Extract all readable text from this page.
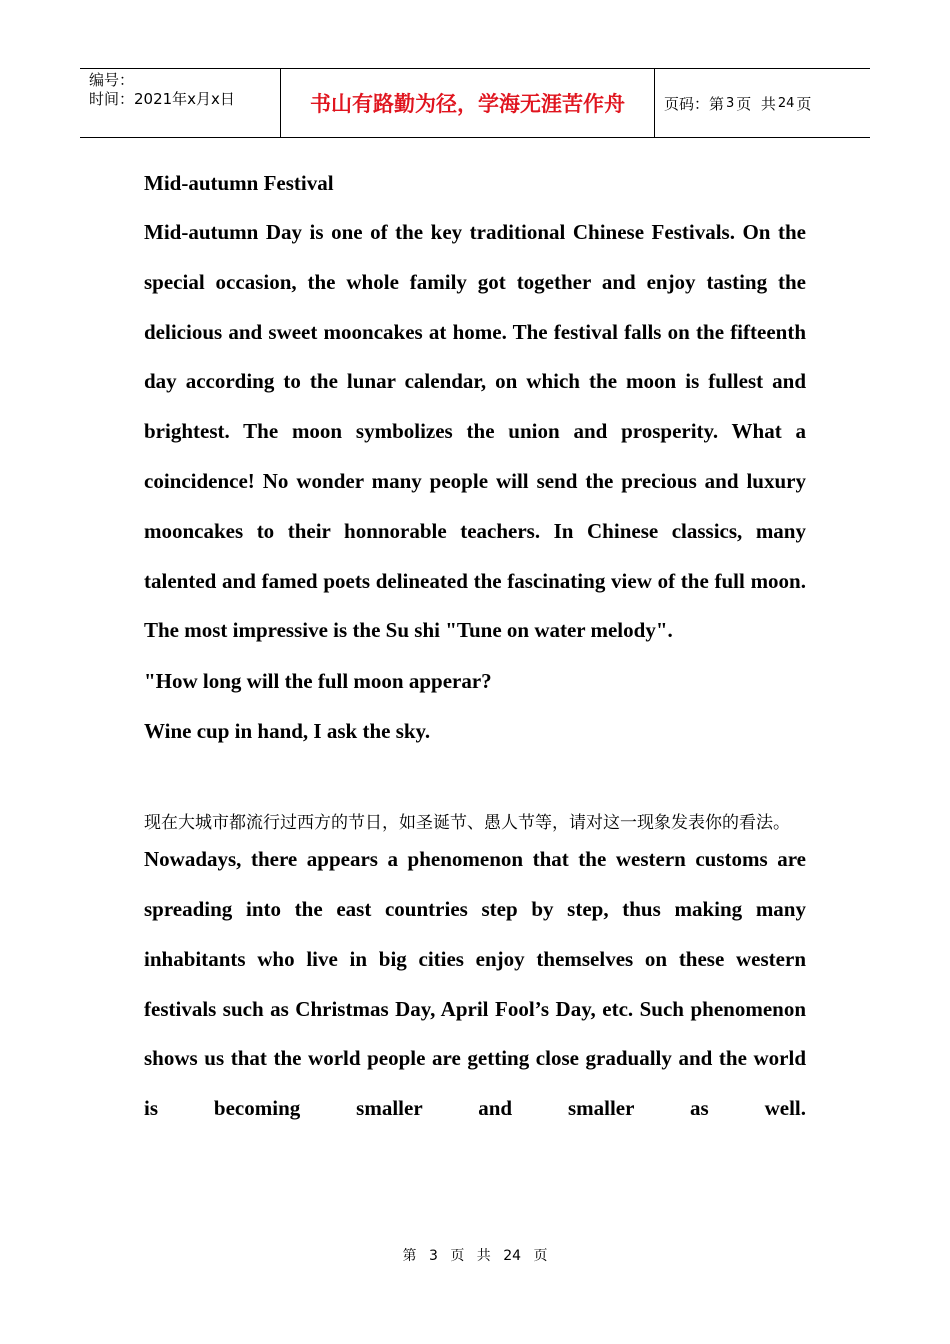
编号：
时间：2021年x月x日	书山有路勤为径，学海无涯苦作舟	页码：第 3 页  共 24 页

Mid-autumn Festival

Mid-autumn Day is one of the key traditional Chinese Festivals. On the special occasion, the whole family got together and enjoy tasting the delicious and sweet mooncakes at home. The festival falls on the fifteenth day according to the lunar calendar, on which the moon is fullest and brightest. The moon symbolizes the union and prosperity. What a coincidence! No wonder many people will send the precious and luxury mooncakes to their honnorable teachers. In Chinese classics, many talented and famed poets delineated the fascinating view of the full moon. The most impressive is the Su shi "Tune on water melody".

"How long will the full moon apperar?

Wine cup in hand, I ask the sky.

现在大城市都流行过西方的节日，如圣诞节、愚人节等，请对这一现象发表你的看法。

Nowadays, there appears a phenomenon that the western customs are spreading into the east countries step by step, thus making many inhabitants who live in big cities enjoy themselves on these western festivals such as Christmas Day, April Fool’s Day, etc. Such phenomenon shows us that the world people are getting close gradually and the world is becoming smaller and smaller as well.

第 3 页 共 24 页
